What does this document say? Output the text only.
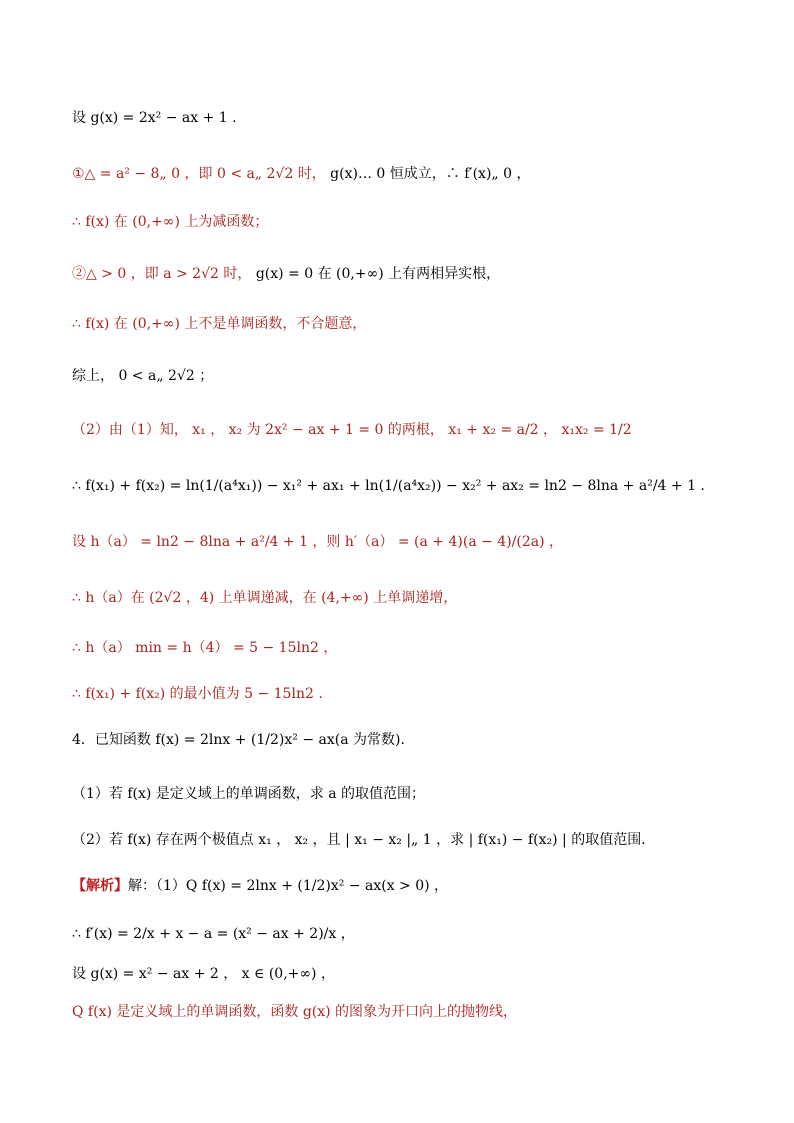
设 g(x) = 2x² − ax + 1 .
①△ = a² − 8„ 0 ，即 0 < a„ 2√2 时， g(x)… 0 恒成立，∴ f′(x)„ 0 ，
∴ f(x) 在 (0,+∞) 上为减函数；
②△ > 0 ，即 a > 2√2 时， g(x) = 0 在 (0,+∞) 上有两相异实根，
∴ f(x) 在 (0,+∞) 上不是单调函数，不合题意，
综上， 0 < a„ 2√2 ；
（2）由（1）知， x₁ ， x₂ 为 2x² − ax + 1 = 0 的两根， x₁ + x₂ = a/2 ， x₁x₂ = 1/2
∴ f(x₁) + f(x₂) = ln(1/(a⁴x₁)) − x₁² + ax₁ + ln(1/(a⁴x₂)) − x₂² + ax₂ = ln2 − 8lna + a²/4 + 1 .
设 h（a） = ln2 − 8lna + a²/4 + 1 ，则 h′（a） = (a + 4)(a − 4)/(2a) ，
∴ h（a）在 (2√2 ，4) 上单调递减，在 (4,+∞) 上单调递增，
∴ h（a） min = h（4） = 5 − 15ln2 ，
∴ f(x₁) + f(x₂) 的最小值为 5 − 15ln2 .
4．已知函数 f(x) = 2lnx + (1/2)x² − ax(a 为常数)．
（1）若 f(x) 是定义域上的单调函数，求 a 的取值范围；
（2）若 f(x) 存在两个极值点 x₁ ， x₂ ，且 | x₁ − x₂ |„ 1 ，求 | f(x₁) − f(x₂) | 的取值范围．
【解析】解：（1）Q f(x) = 2lnx + (1/2)x² − ax(x > 0) ，
∴ f′(x) = 2/x + x − a = (x² − ax + 2)/x ，
设 g(x) = x² − ax + 2 ， x ∈ (0,+∞) ，
Q f(x) 是定义域上的单调函数，函数 g(x) 的图象为开口向上的抛物线，
